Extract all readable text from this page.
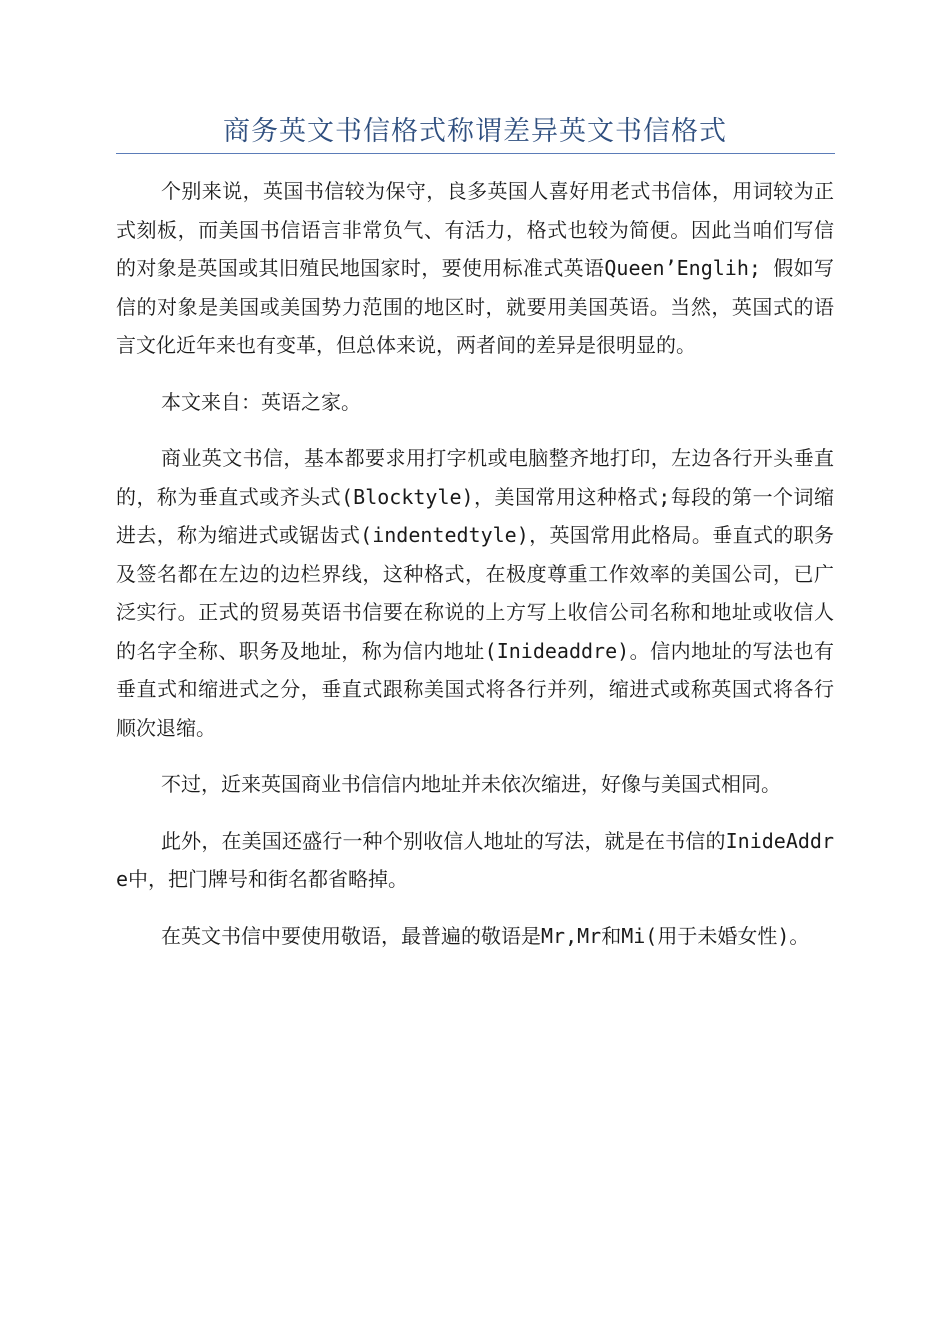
商务英文书信格式称谓差异英文书信格式

个别来说，英国书信较为保守，良多英国人喜好用老式书信体，用词较为正式刻板，而美国书信语言非常负气、有活力，格式也较为简便。因此当咱们写信的对象是英国或其旧殖民地国家时，要使用标准式英语Queen’Englih; 假如写信的对象是美国或美国势力范围的地区时，就要用美国英语。当然，英国式的语言文化近年来也有变革，但总体来说，两者间的差异是很明显的。

本文来自：英语之家。

商业英文书信，基本都要求用打字机或电脑整齐地打印，左边各行开头垂直的，称为垂直式或齐头式(Blocktyle)，美国常用这种格式;每段的第一个词缩进去，称为缩进式或锯齿式(indentedtyle)，英国常用此格局。垂直式的职务及签名都在左边的边栏界线，这种格式，在极度尊重工作效率的美国公司，已广泛实行。正式的贸易英语书信要在称说的上方写上收信公司名称和地址或收信人的名字全称、职务及地址，称为信内地址(Inideaddre)。信内地址的写法也有垂直式和缩进式之分，垂直式跟称美国式将各行并列，缩进式或称英国式将各行顺次退缩。

不过，近来英国商业书信信内地址并未依次缩进，好像与美国式相同。

此外，在美国还盛行一种个别收信人地址的写法，就是在书信的InideAddre中，把门牌号和街名都省略掉。

在英文书信中要使用敬语，最普遍的敬语是Mr,Mr和Mi(用于未婚女性)。
